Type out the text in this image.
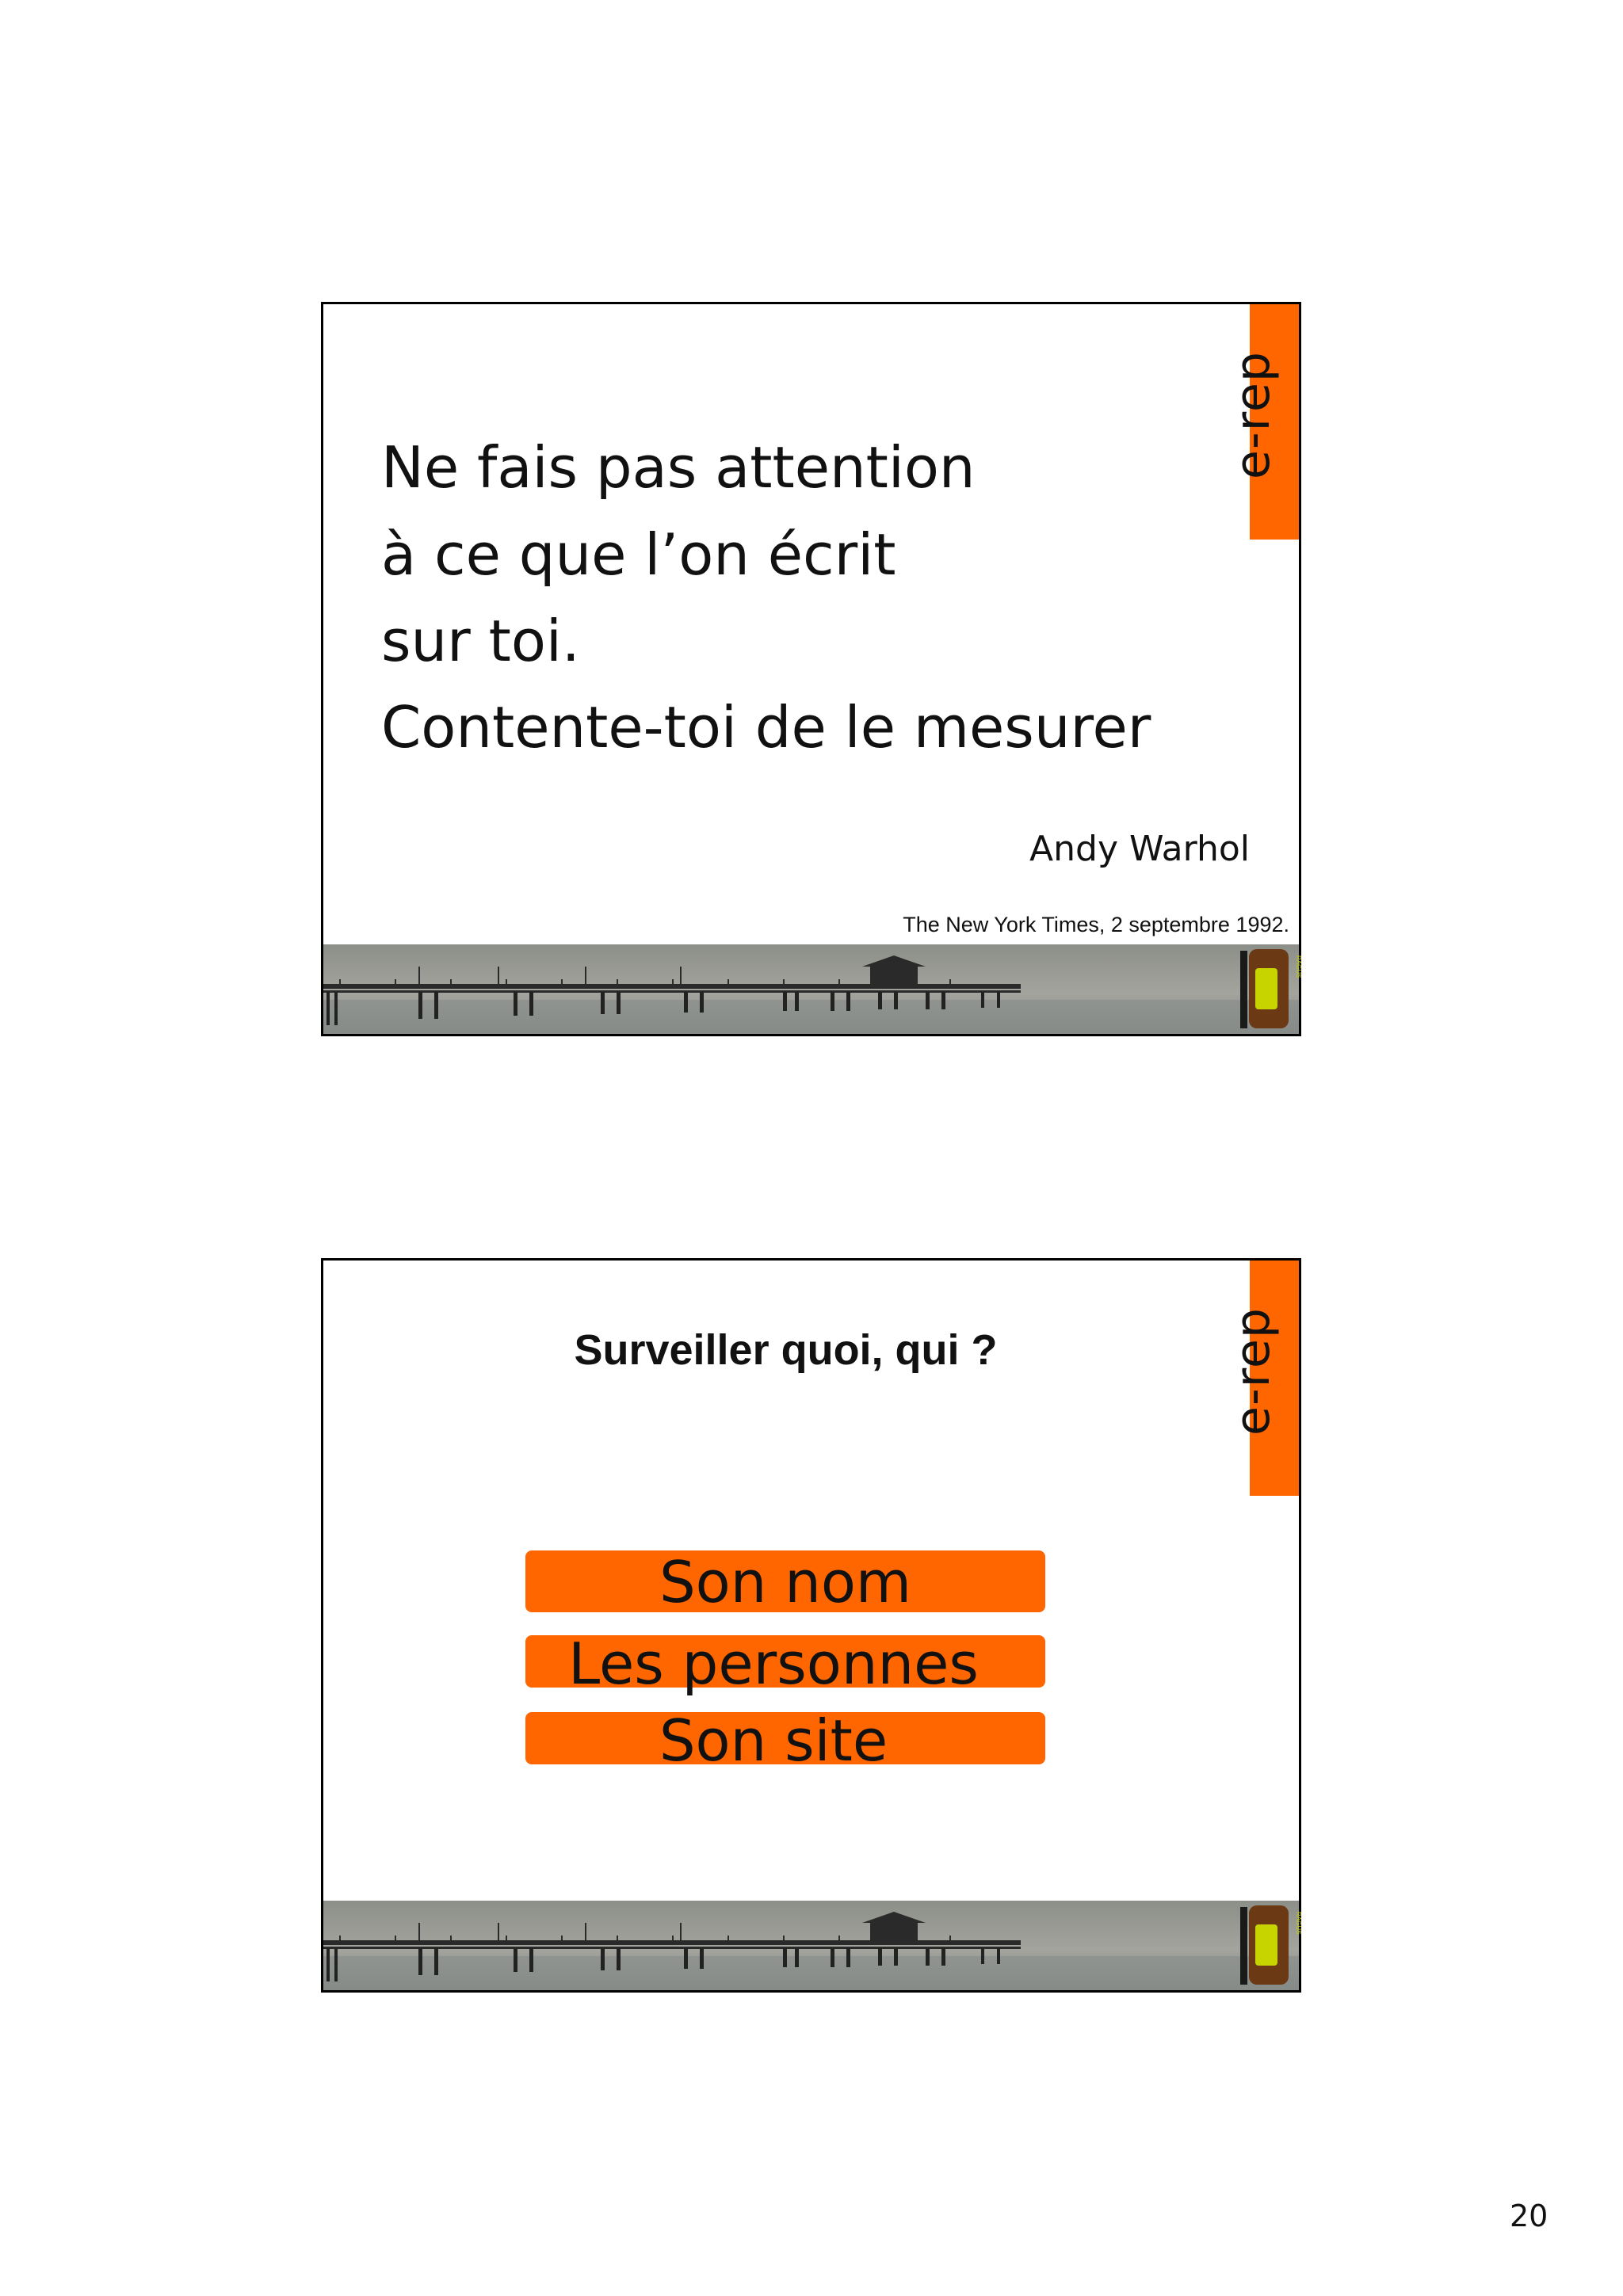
e-rep
Ne fais pas attention
à ce que l’on écrit
sur toi.
Contente-toi de le mesurer
Andy Warhol
The New York Times, 2 septembre 1992.
RAGUS
e-rep
Surveiller quoi, qui ?
Son nom
Les personnes
Son site
RAGUS
20
